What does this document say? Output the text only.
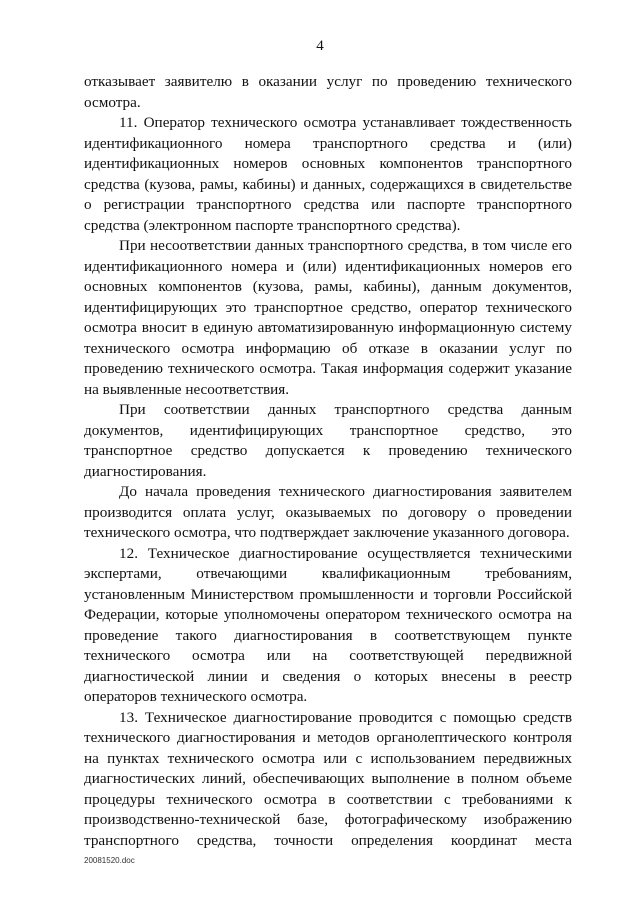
4

отказывает заявителю в оказании услуг по проведению технического осмотра.

11. Оператор технического осмотра устанавливает тождественность идентификационного номера транспортного средства и (или) идентификационных номеров основных компонентов транспортного средства (кузова, рамы, кабины) и данных, содержащихся в свидетельстве о регистрации транспортного средства или паспорте транспортного средства (электронном паспорте транспортного средства).

При несоответствии данных транспортного средства, в том числе его идентификационного номера и (или) идентификационных номеров его основных компонентов (кузова, рамы, кабины), данным документов, идентифицирующих это транспортное средство, оператор технического осмотра вносит в единую автоматизированную информационную систему технического осмотра информацию об отказе в оказании услуг по проведению технического осмотра. Такая информация содержит указание на выявленные несоответствия.

При соответствии данных транспортного средства данным документов, идентифицирующих транспортное средство, это транспортное средство допускается к проведению технического диагностирования.

До начала проведения технического диагностирования заявителем производится оплата услуг, оказываемых по договору о проведении технического осмотра, что подтверждает заключение указанного договора.

12. Техническое диагностирование осуществляется техническими экспертами, отвечающими квалификационным требованиям, установленным Министерством промышленности и торговли Российской Федерации, которые уполномочены оператором технического осмотра на проведение такого диагностирования в соответствующем пункте технического осмотра или на соответствующей передвижной диагностической линии и сведения о которых внесены в реестр операторов технического осмотра.

13. Техническое диагностирование проводится с помощью средств технического диагностирования и методов органолептического контроля на пунктах технического осмотра или с использованием передвижных диагностических линий, обеспечивающих выполнение в полном объеме процедуры технического осмотра в соответствии с требованиями к производственно-технической базе, фотографическому изображению транспортного средства, точности определения координат места

20081520.doc
